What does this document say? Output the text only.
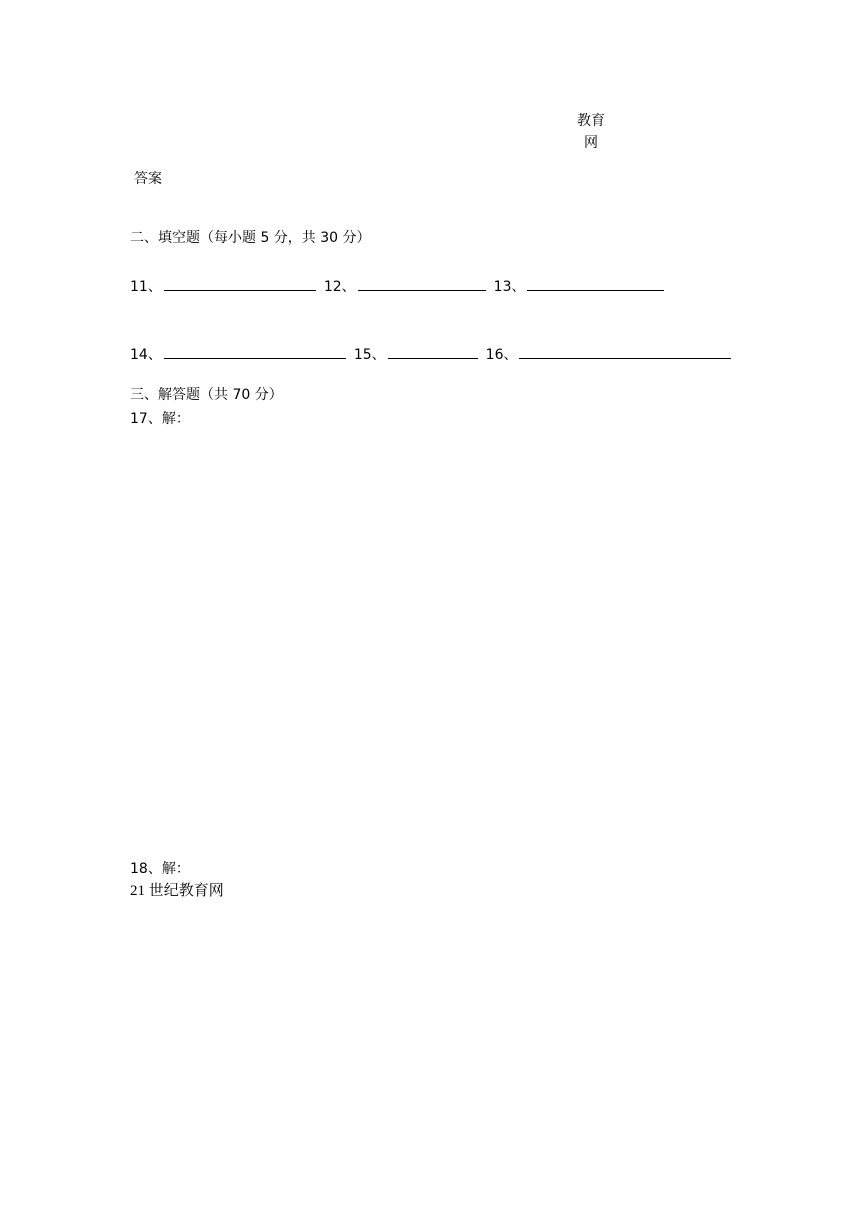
教育
网
答案
二、填空题（每小题 5 分，共 30 分）
11、	12、	13、
14、	15、	16、
三、解答题（共 70 分）
17、解：
18、解：
21 世纪教育网
